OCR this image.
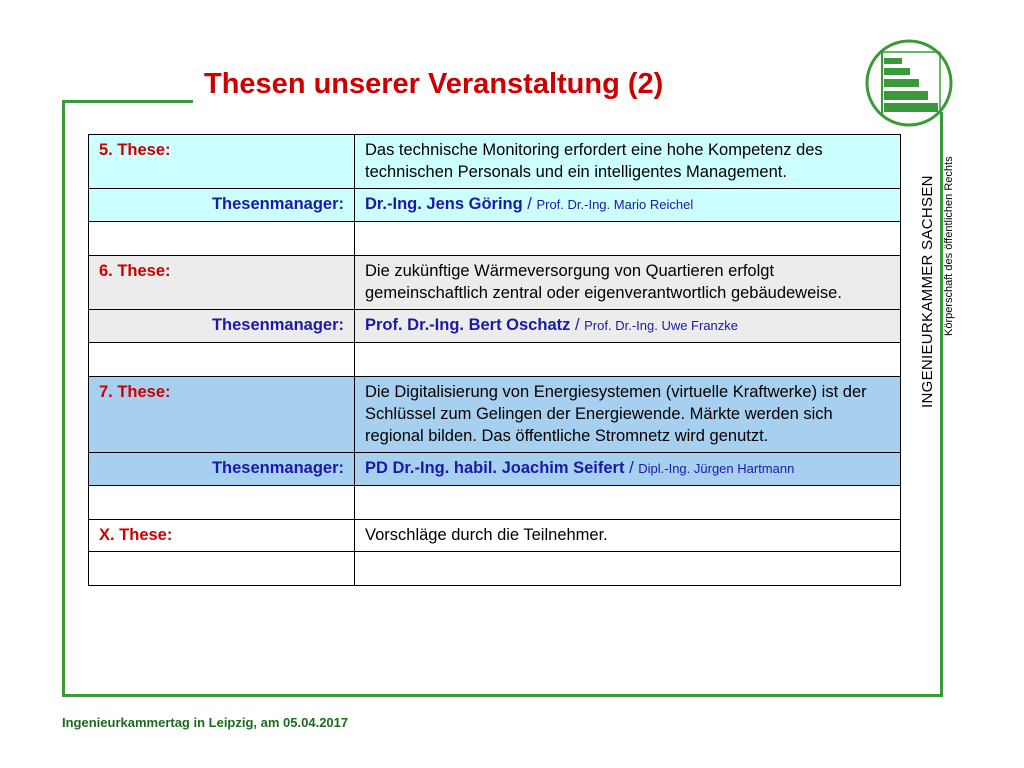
Thesen unserer Veranstaltung (2)
INGENIEURKAMMER SACHSEN Körperschaft des öffentlichen Rechts
5. These:	Das technische Monitoring erfordert eine hohe Kompetenz des technischen Personals und ein intelligentes Management.
Thesenmanager:	Dr.-Ing. Jens Göring / Prof. Dr.-Ing. Mario Reichel

6. These:	Die zukünftige Wärmeversorgung von Quartieren erfolgt gemeinschaftlich zentral oder eigenverantwortlich gebäudeweise.
Thesenmanager:	Prof. Dr.-Ing. Bert Oschatz / Prof. Dr.-Ing. Uwe Franzke

7. These:	Die Digitalisierung von Energiesystemen (virtuelle Kraftwerke) ist der Schlüssel zum Gelingen der Energiewende. Märkte werden sich regional bilden. Das öffentliche Stromnetz wird genutzt.
Thesenmanager:	PD Dr.-Ing. habil. Joachim Seifert / Dipl.-Ing. Jürgen Hartmann

X. These:	Vorschläge durch die Teilnehmer.

Ingenieurkammertag in Leipzig, am 05.04.2017
